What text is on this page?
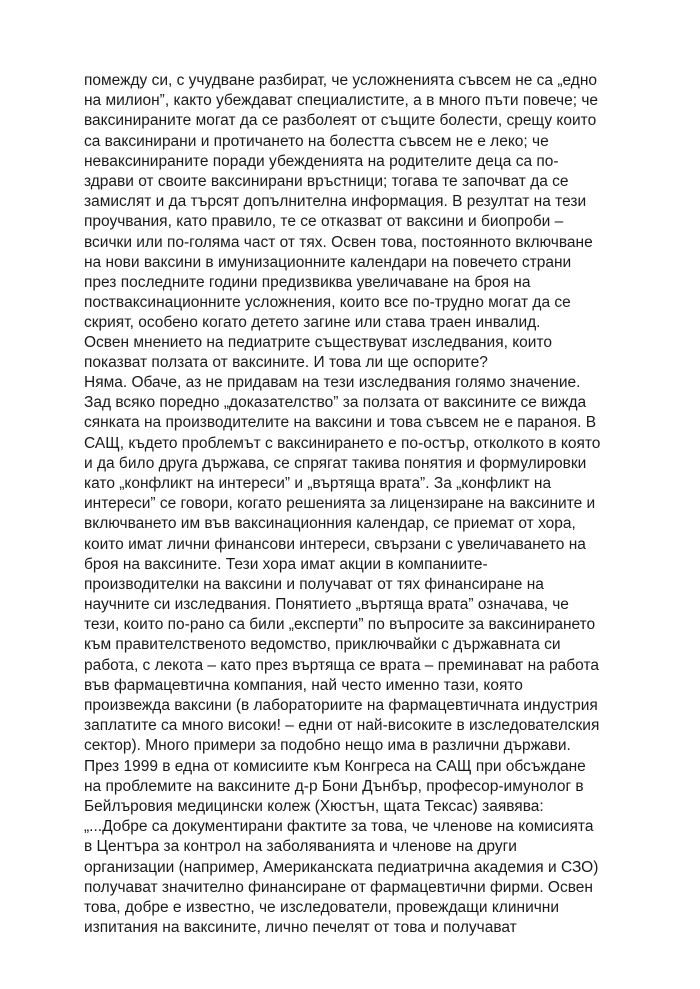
помежду си, с учудване разбират, че усложненията съвсем не са „едно
на милион”, както убеждават специалистите, а в много пъти повече; че
ваксинираните могат да се разболеят от същите болести, срещу които
са ваксинирани и протичането на болестта съвсем не е леко; че
неваксинираните поради убежденията на родителите деца са по-
здрави от своите ваксинирани връстници; тогава те започват да се
замислят и да търсят допълнителна информация. В резултат на тези
проучвания, като правило, те се отказват от ваксини и биопроби –
всички или по-голяма част от тях. Освен това, постоянното включване
на нови ваксини в имунизационните календари на повечето страни
през последните години предизвиква увеличаване на броя на
поствaксинационните усложнения, които все по-трудно могат да се
скрият, особено когато детето загине или става траен инвалид.
Освен мнението на педиатрите съществуват изследвания, които
показват ползата от ваксините. И това ли ще оспорите?
Няма. Обаче, аз не придавам на тези изследвания голямо значение.
Зад всяко поредно „доказателство” за ползата от ваксините се вижда
сянката на производителите на ваксини и това съвсем не е параноя. В
САЩ, където проблемът с ваксинирането е по-остър, отколкото в която
и да било друга държава, се спрягат такива понятия и формулировки
като „конфликт на интереси” и „въртяща врата”. За „конфликт на
интереси” се говори, когато решенията за лицензиране на ваксините и
включването им във ваксинационния календар, се приемат от хора,
които имат лични финансови интереси, свързани с увеличаването на
броя на ваксините. Тези хора имат акции в компаниите-
производителки на ваксини и получават от тях финансиране на
научните си изследвания. Понятието „въртяща врата” означава, че
тези, които по-рано са били „експерти” по въпросите за ваксинирането
към правителственото ведомство, приключвайки с държавната си
работа, с лекота – като през въртяща се врата – преминават на работа
във фармацевтична компания, най често именно тази, която
произвежда ваксини (в лабораториите на фармацевтичната индустрия
заплатите са много високи! – едни от най-високите в изследователския
сектор). Много примери за подобно нещо има в различни държави.
През 1999 в една от комисиите към Конгреса на САЩ при обсъждане
на проблемите на ваксините д-р Бони Дънбър, професор-имунолог в
Бейлъровия медицински колеж (Хюстън, щата Тексас) заявява:
„...Добре са документирани фактите за това, че членове на комисията
в Центъра за контрол на заболяванията и членове на други
организации (например, Американската педиатрична академия и СЗО)
получават значително финансиране от фармацевтични фирми. Освен
това, добре е известно, че изследователи, провеждащи клинични
изпитания на ваксините, лично печелят от това и получават
